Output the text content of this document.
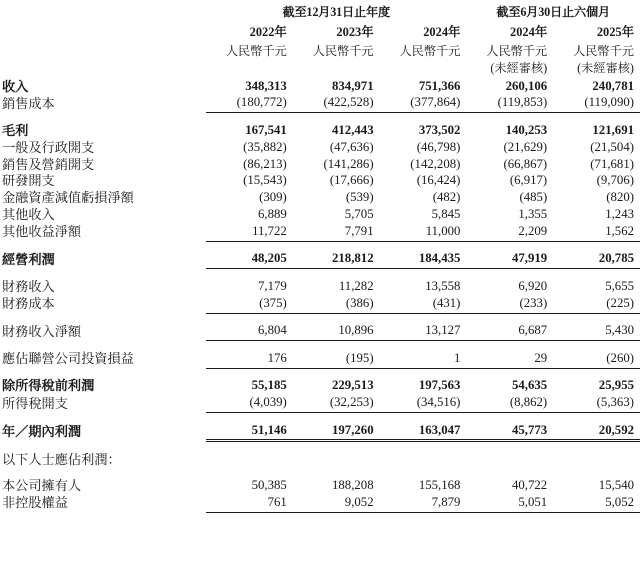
	截至12月31日止年度			截至6月30日止六個月	
	2022年	2023年	2024年	2024年	2025年
	人民幣千元	人民幣千元	人民幣千元	人民幣千元	人民幣千元
				(未經審核)	(未經審核)
收入	348,313	834,971	751,366	260,106	240,781
銷售成本	(180,772)	(422,528)	(377,864)	(119,853)	(119,090)

毛利	167,541	412,443	373,502	140,253	121,691
一般及行政開支	(35,882)	(47,636)	(46,798)	(21,629)	(21,504)
銷售及營銷開支	(86,213)	(141,286)	(142,208)	(66,867)	(71,681)
研發開支	(15,543)	(17,666)	(16,424)	(6,917)	(9,706)
金融資產減值虧損淨額	(309)	(539)	(482)	(485)	(820)
其他收入	6,889	5,705	5,845	1,355	1,243
其他收益淨額	11,722	7,791	11,000	2,209	1,562

經營利潤	48,205	218,812	184,435	47,919	20,785

財務收入	7,179	11,282	13,558	6,920	5,655
財務成本	(375)	(386)	(431)	(233)	(225)

財務收入淨額	6,804	10,896	13,127	6,687	5,430

應佔聯營公司投資損益	176	(195)	1	29	(260)

除所得稅前利潤	55,185	229,513	197,563	54,635	25,955
所得稅開支	(4,039)	(32,253)	(34,516)	(8,862)	(5,363)

年／期內利潤	51,146	197,260	163,047	45,773	20,592

以下人士應佔利潤：					

本公司擁有人	50,385	188,208	155,168	40,722	15,540
非控股權益	761	9,052	7,879	5,051	5,052
